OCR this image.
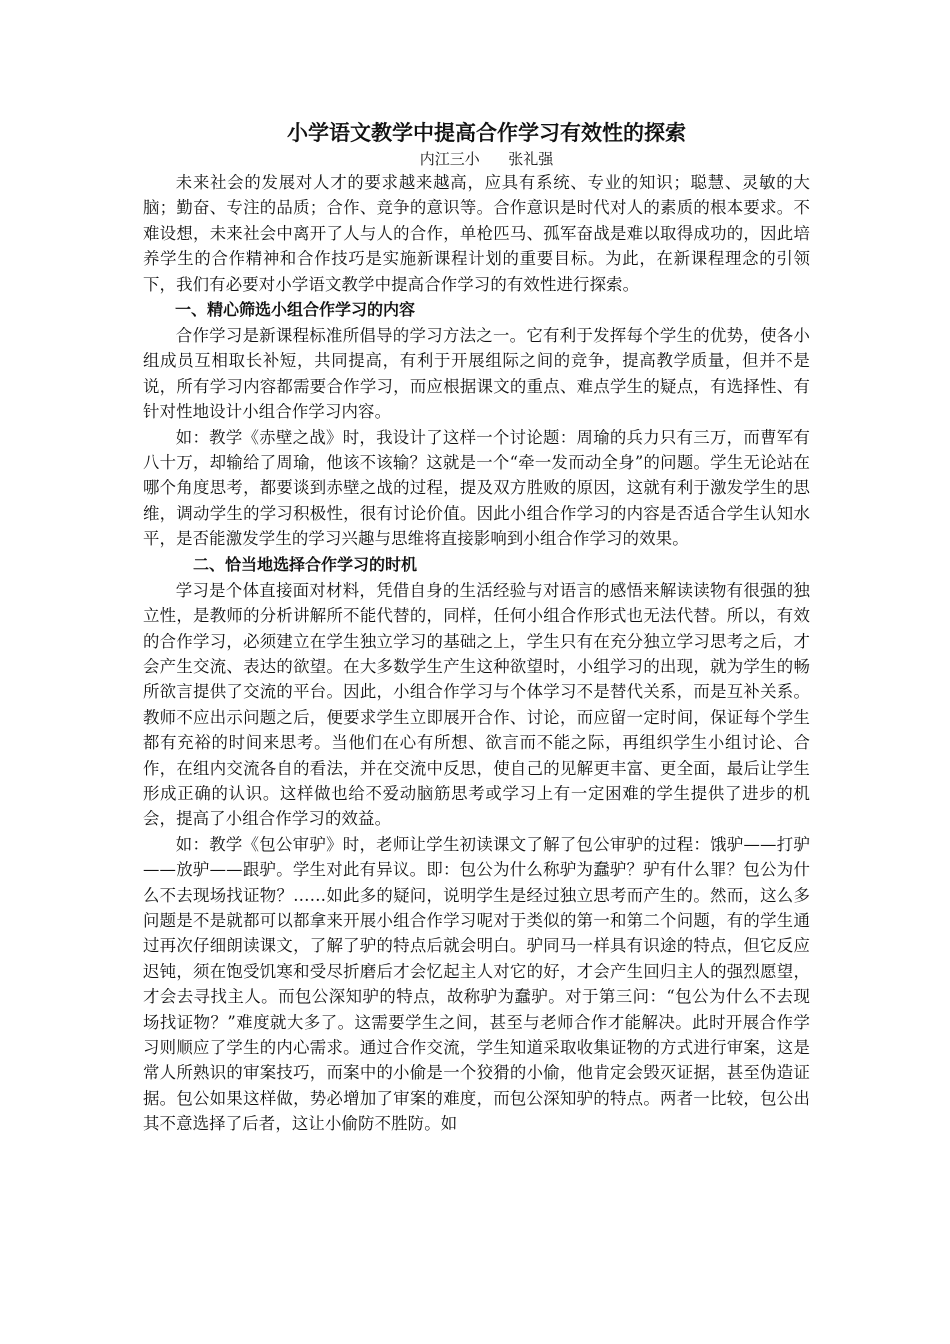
小学语文教学中提高合作学习有效性的探索

内江三小      张礼强

未来社会的发展对人才的要求越来越高，应具有系统、专业的知识；聪慧、灵敏的大脑；勤奋、专注的品质；合作、竞争的意识等。合作意识是时代对人的素质的根本要求。不难设想，未来社会中离开了人与人的合作，单枪匹马、孤军奋战是难以取得成功的，因此培养学生的合作精神和合作技巧是实施新课程计划的重要目标。为此，在新课程理念的引领下，我们有必要对小学语文教学中提高合作学习的有效性进行探索。

一、精心筛选小组合作学习的内容

合作学习是新课程标准所倡导的学习方法之一。它有利于发挥每个学生的优势，使各小组成员互相取长补短，共同提高，有利于开展组际之间的竞争，提高教学质量，但并不是说，所有学习内容都需要合作学习，而应根据课文的重点、难点学生的疑点，有选择性、有针对性地设计小组合作学习内容。

如：教学《赤壁之战》时，我设计了这样一个讨论题：周瑜的兵力只有三万，而曹军有八十万，却输给了周瑜，他该不该输？这就是一个“牵一发而动全身”的问题。学生无论站在哪个角度思考，都要谈到赤壁之战的过程，提及双方胜败的原因，这就有利于激发学生的思维，调动学生的学习积极性，很有讨论价值。因此小组合作学习的内容是否适合学生认知水平，是否能激发学生的学习兴趣与思维将直接影响到小组合作学习的效果。

二、恰当地选择合作学习的时机

学习是个体直接面对材料，凭借自身的生活经验与对语言的感悟来解读读物有很强的独立性，是教师的分析讲解所不能代替的，同样，任何小组合作形式也无法代替。所以，有效的合作学习，必须建立在学生独立学习的基础之上，学生只有在充分独立学习思考之后，才会产生交流、表达的欲望。在大多数学生产生这种欲望时，小组学习的出现，就为学生的畅所欲言提供了交流的平台。因此，小组合作学习与个体学习不是替代关系，而是互补关系。教师不应出示问题之后，便要求学生立即展开合作、讨论，而应留一定时间，保证每个学生都有充裕的时间来思考。当他们在心有所想、欲言而不能之际，再组织学生小组讨论、合作，在组内交流各自的看法，并在交流中反思，使自己的见解更丰富、更全面，最后让学生形成正确的认识。这样做也给不爱动脑筋思考或学习上有一定困难的学生提供了进步的机会，提高了小组合作学习的效益。

如：教学《包公审驴》时，老师让学生初读课文了解了包公审驴的过程：饿驴——打驴——放驴——跟驴。学生对此有异议。即：包公为什么称驴为蠢驴？驴有什么罪？包公为什么不去现场找证物？……如此多的疑问，说明学生是经过独立思考而产生的。然而，这么多问题是不是就都可以都拿来开展小组合作学习呢对于类似的第一和第二个问题，有的学生通过再次仔细朗读课文，了解了驴的特点后就会明白。驴同马一样具有识途的特点，但它反应迟钝，须在饱受饥寒和受尽折磨后才会忆起主人对它的好，才会产生回归主人的强烈愿望，才会去寻找主人。而包公深知驴的特点，故称驴为蠢驴。对于第三问：“包公为什么不去现场找证物？”难度就大多了。这需要学生之间，甚至与老师合作才能解决。此时开展合作学习则顺应了学生的内心需求。通过合作交流，学生知道采取收集证物的方式进行审案，这是常人所熟识的审案技巧，而案中的小偷是一个狡猾的小偷，他肯定会毁灭证据，甚至伪造证据。包公如果这样做，势必增加了审案的难度，而包公深知驴的特点。两者一比较，包公出其不意选择了后者，这让小偷防不胜防。如
